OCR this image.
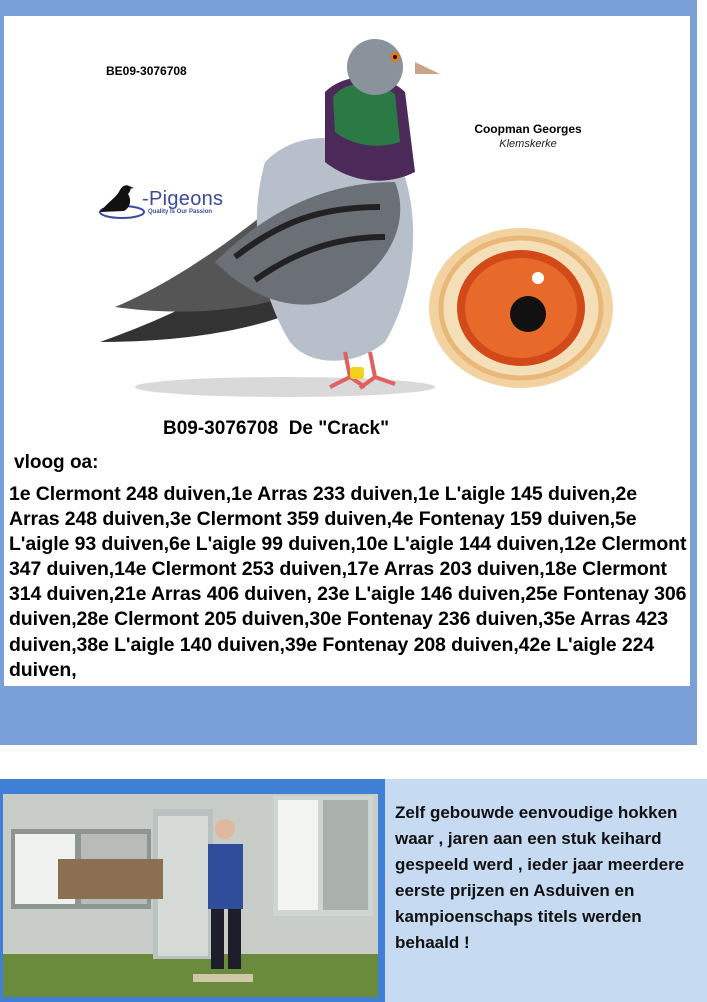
BE09-3076708
Coopman Georges
Klemskerke
-Pigeons
Quality Is Our Passion
B09-3076708  De "Crack"
vloog oa:
1e Clermont 248 duiven,1e Arras 233 duiven,1e L'aigle 145 duiven,2e Arras 248 duiven,3e Clermont 359 duiven,4e Fontenay 159 duiven,5e L'aigle 93 duiven,6e L'aigle 99 duiven,10e L'aigle 144 duiven,12e Clermont 347 duiven,14e Clermont 253 duiven,17e Arras 203 duiven,18e Clermont 314 duiven,21e Arras 406 duiven, 23e L'aigle 146 duiven,25e Fontenay 306 duiven,28e Clermont 205 duiven,30e Fontenay 236 duiven,35e Arras 423 duiven,38e L'aigle 140 duiven,39e Fontenay 208 duiven,42e L'aigle 224 duiven,
Zelf gebouwde eenvoudige hokken waar , jaren aan een stuk keihard gespeeld werd , ieder jaar meerdere eerste prijzen en Asduiven en kampioenschaps titels werden behaald !
